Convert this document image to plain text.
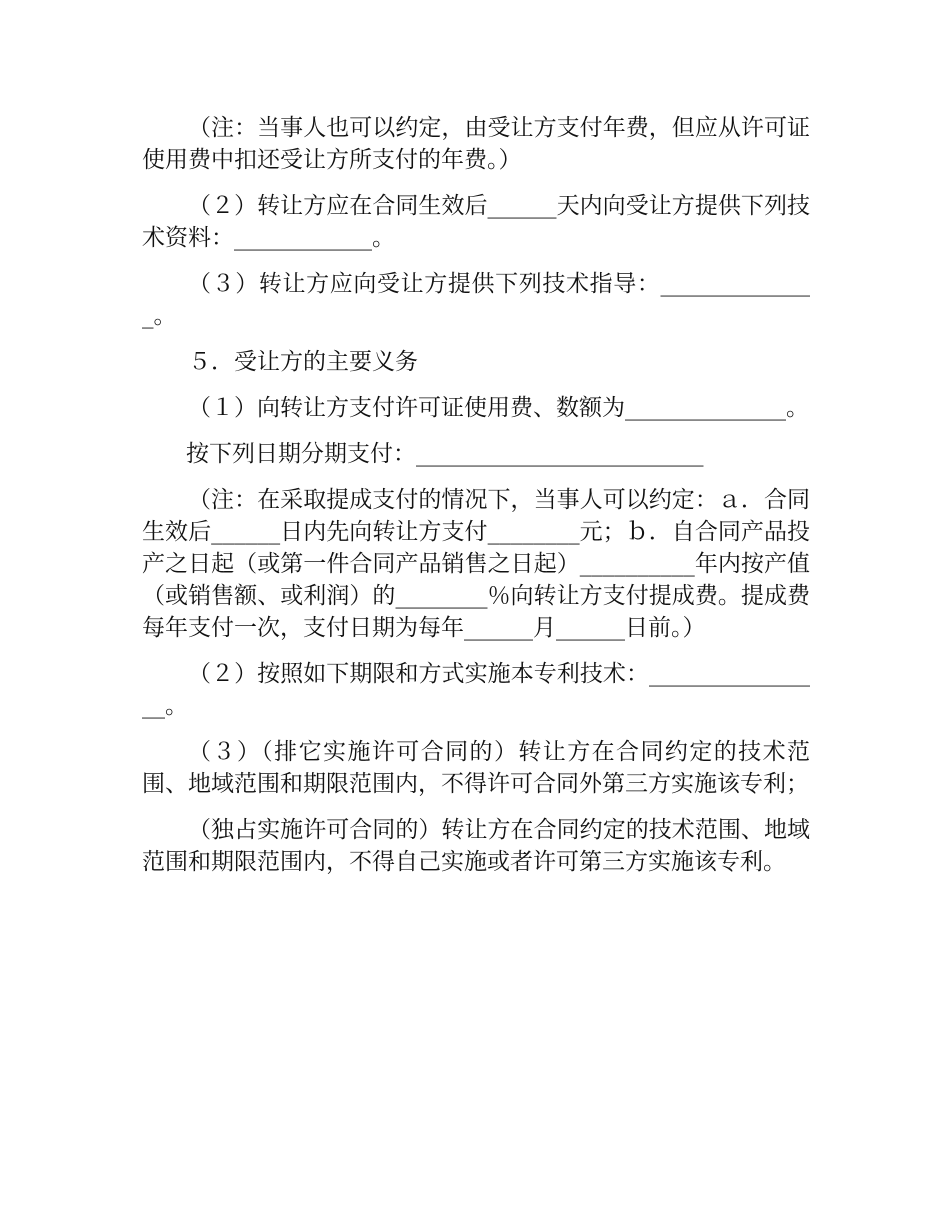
（注：当事人也可以约定，由受让方支付年费，但应从许可证使用费中扣还受让方所支付的年费。）

（２）转让方应在合同生效后______天内向受让方提供下列技术资料：____________。

（３）转让方应向受让方提供下列技术指导：______________。

５．受让方的主要义务

（１）向转让方支付许可证使用费、数额为______________。

按下列日期分期支付：_________________________

（注：在采取提成支付的情况下，当事人可以约定：ａ．合同生效后______日内先向转让方支付________元；ｂ．自合同产品投产之日起（或第一件合同产品销售之日起）__________年内按产值（或销售额、或利润）的________％向转让方支付提成费。提成费每年支付一次，支付日期为每年______月______日前。）

（２）按照如下期限和方式实施本专利技术：________________。

（３）（排它实施许可合同的）转让方在合同约定的技术范围、地域范围和期限范围内，不得许可合同外第三方实施该专利；

（独占实施许可合同的）转让方在合同约定的技术范围、地域范围和期限范围内，不得自己实施或者许可第三方实施该专利。
